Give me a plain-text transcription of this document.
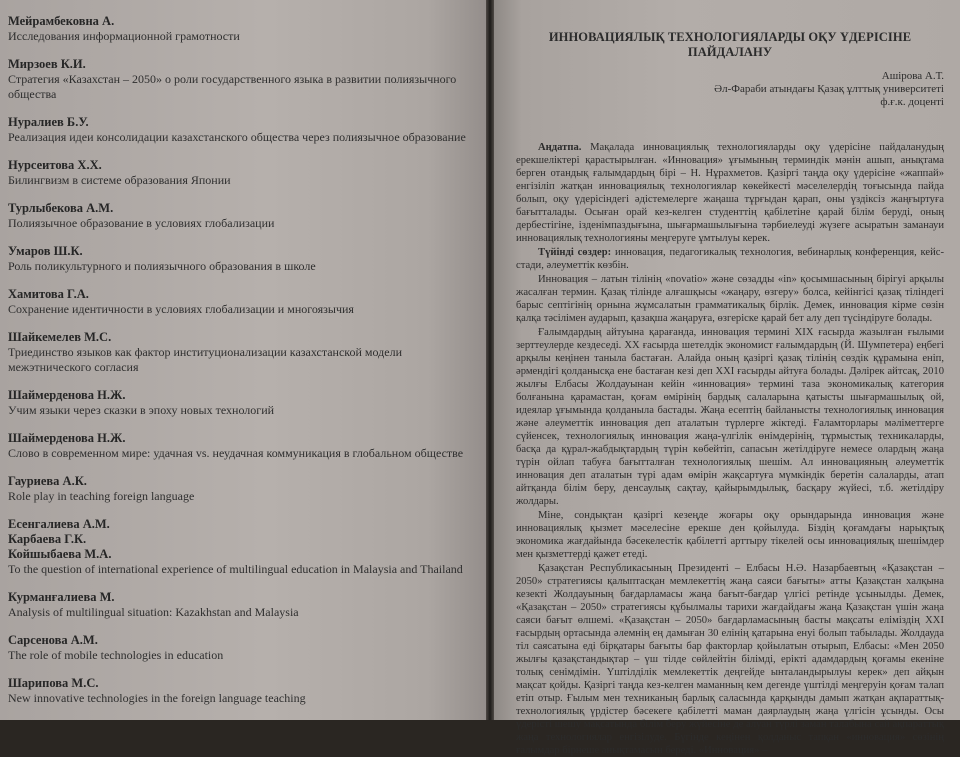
Мейрамбековна А.
Исследования информационной грамотности
Мирзоев К.И.
Стратегия «Казахстан – 2050» о роли государственного языка в развитии полиязычного общества
Нуралиев Б.У.
Реализация идеи консолидации казахстанского общества через полиязычное образование
Нурсеитова Х.Х.
Билингвизм в системе образования Японии
Турлыбекова А.М.
Полиязычное образование в условиях глобализации
Умаров Ш.К.
Роль поликультурного и полиязычного образования в школе
Хамитова Г.А.
Сохранение идентичности в условиях глобализации и многоязычия
Шайкемелев М.С.
Триединство языков как фактор институционализации казахстанской модели межэтнического согласия
Шаймерденова Н.Ж.
Учим языки через сказки в эпоху новых технологий
Шаймерденова Н.Ж.
Слово в современном мире: удачная vs. неудачная коммуникация в глобальном обществе
Гауриева А.К.
Role play in teaching foreign language
Есенгалиева А.М.
Карбаева Г.К.
Койшыбаева М.А.
To the question of international experience of multilingual education in Malaysia and Thailand
Курманғалиева М.
Analysis of multilingual situation: Kazakhstan and Malaysia
Сарсенова А.М.
The role of mobile technologies in education
Шарипова М.С.
New innovative technologies in the foreign language teaching
ИННОВАЦИЯЛЫҚ ТЕХНОЛОГИЯЛАРДЫ ОҚУ ҮДЕРІСІНЕ ПАЙДАЛАНУ
Ашірова А.Т.
Әл-Фараби атындағы Қазақ ұлттық университеті
ф.ғ.к. доценті

Аңдатпа. Мақалада инновациялық технологияларды оқу үдерісіне пайдаланудың ерекшеліктері қарастырылған. «Инновация» ұғымының терминдік мәнін ашып, анықтама берген отандық ғалымдардың бірі – Н. Нұрахметов. Қазіргі таңда оқу үдерісіне «жаппай» енгізіліп жатқан инновациялық технологиялар көкейкесті мәселелердің тоғысында пайда болып, оқу үдерісіндегі әдістемелерге жаңаша тұрғыдан қарап, оны үздіксіз жаңғыртуға бағытталады. Осыған орай кез-келген студенттің қабілетіне қарай білім беруді, оның дербестігіне, ізденімпаздығына, шығармашылығына тәрбиелеуді жүзеге асыратын заманауи инновациялық технологияны меңгеруге ұмтылуы керек.

Түйінді сөздер: инновация, педагогикалық технология, вебинарлық конференция, кейс-стади, әлеуметтік көзбін.

Инновация – латын тілінің «novatio» және сөзадды «in» қосымшасының бірігуі арқылы жасалған термин. Қазақ тілінде алғашқысы «жаңару, өзгеру» болса, кейінгісі қазақ тіліндегі барыс септігінің орнына жұмсалатын грамматикалық бірлік. Демек, инновация кірме сөзін қалқа тәсілімен аударып, қазақша жаңаруға, өзгеріске қарай бет алу деп түсіндіруге болады.

Ғалымдардың айтуына қарағанда, инновация термині XIX ғасырда жазылған ғылыми зерттеулерде кездеседі. XX ғасырда шетелдік экономист ғалымдардың (Й. Шумпетера) еңбегі арқылы кеңінен таныла бастаған. Алайда оның қазіргі қазақ тілінің сөздік құрамына еніп, әрмендігі қолданысқа ене бастаған кезі деп XXI ғасырды айтуға болады. Дәлірек айтсақ, 2010 жылғы Елбасы Жолдауынан кейін «инновация» термині таза экономикалық категория болғанына қарамастан, қоғам өмірінің бардық салаларына қатысты шығармашылық ой, идеялар ұғымында қолданыла бастады. Жаңа есептің байланысты технологиялық инновация және әлеуметтік инновация деп аталатын түрлерге жіктеді. Ғаламторлары мәліметтерге сүйенсек, технологиялық инновация жаңа-үлгілік өнімдерінің, тұрмыстық техникаларды, басқа да құрал-жабдықтардың түрін көбейтіп, сапасын жетілдіруге немесе олардың жаңа түрін ойлап табуға бағытталған технологиялық шешім. Ал инновацияның әлеуметтік инновация деп аталатын түрі адам өмірін жақсартуға мүмкіндік беретін салаларды, атап айтқанда білім беру, денсаулық сақтау, қайырымдылық, басқару жүйесі, т.б. жетілдіру жолдары.

Міне, сондықтан қазіргі кезеңде жоғары оқу орындарында инновация және инновациялық қызмет мәселесіне ерекше ден қойылуда. Біздің қоғамдағы нарықтық экономика жағдайында бәсекелестік қабілетті арттыру тікелей осы инновациялық шешімдер мен қызметтерді қажет етеді.

Қазақстан Республикасының Президенті – Елбасы Н.Ә. Назарбаевтың «Қазақстан – 2050» стратегиясы қалыптасқан мемлекеттің жаңа саяси бағыты» атты Қазақстан халқына кезекті Жолдауының бағдарламасы жаңа бағыт-бағдар үлгісі ретінде ұсынылды. Демек, «Қазақстан – 2050» стратегиясы құбылмалы тарихи жағдайдағы жаңа Қазақстан үшін жаңа саяси бағыт өлшемі. «Қазақстан – 2050» бағдарламасының басты мақсаты еліміздің XXI ғасырдың ортасында әлемнің ең дамыған 30 елінің қатарына енуі болып табылады. Жолдауда тіл саясатына еді бірқатары бағыты бар факторлар қойылатын отырып, Елбасы: «Мен 2050 жылғы қазақстандықтар – үш тілде сөйлейтін білімді, ерікті адамдардың қоғамы екеніне толық сенімдімін. Үштілділік мемлекеттік деңгейде ынталандырылуы керек» деп айқын мақсат қойды. Қазіргі таңда кез-келген маманның кем дегенде үштілді меңгеруін қоғам талап етіп отыр. Ғылым мен техниканың барлық саласында қарқынды дамып жатқан ақпараттық-технологиялық үрдістер бәсекеге қабілетті маман даярлаудың жаңа үлгісін ұсынды. Осы үдерісті шешу мақсатында білім беру жүйесіне де алуан түрлі заман талабына сай ақпараттық жаңа технологиялар енгізілуде. Бүгінде кеңінен қолданыс тапқан «инновация» сөзінің ғалымдар бірнеше анықтамасын береді. «Инновация» –
